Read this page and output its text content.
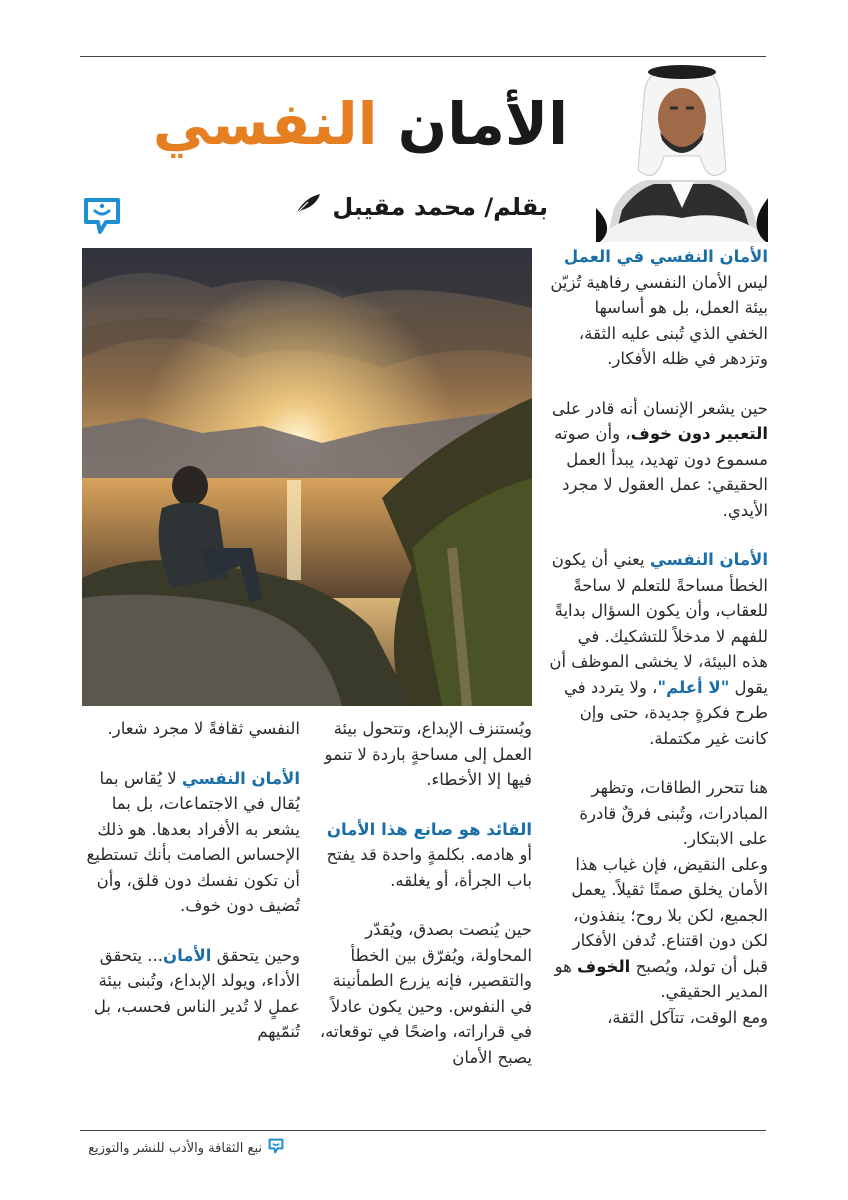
الأمان النفسي
بقلم/ محمد مقيبل

الأمان النفسي في العمل

ليس الأمان النفسي رفاهية تُزيّن بيئة العمل، بل هو أساسها الخفي الذي تُبنى عليه الثقة، وتزدهر في ظله الأفكار.

حين يشعر الإنسان أنه قادر على التعبير دون خوف، وأن صوته مسموع دون تهديد، يبدأ العمل الحقيقي: عمل العقول لا مجرد الأيدي.

الأمان النفسي يعني أن يكون الخطأ مساحةً للتعلم لا ساحةً للعقاب، وأن يكون السؤال بدايةً للفهم لا مدخلاً للتشكيك. في هذه البيئة، لا يخشى الموظف أن يقول "لا أعلم"، ولا يتردد في طرح فكرةٍ جديدة، حتى وإن كانت غير مكتملة.

هنا تتحرر الطاقات، وتظهر المبادرات، وتُبنى فرقٌ قادرة على الابتكار.

وعلى النقيض، فإن غياب هذا الأمان يخلق صمتًا ثقيلاً. يعمل الجميع، لكن بلا روح؛ ينفذون، لكن دون اقتناع. تُدفن الأفكار قبل أن تولد، ويُصبح الخوف هو المدير الحقيقي.

ومع الوقت، تتآكل الثقة،

ويُستنزف الإبداع، وتتحول بيئة العمل إلى مساحةٍ باردة لا تنمو فيها إلا الأخطاء.

القائد هو صانع هذا الأمان

أو هادمه. بكلمةٍ واحدة قد يفتح باب الجرأة، أو يغلقه.

حين يُنصت بصدق، ويُقدّر المحاولة، ويُفرّق بين الخطأ والتقصير، فإنه يزرع الطمأنينة في النفوس. وحين يكون عادلاً في قراراته، واضحًا في توقعاته، يصبح الأمان

النفسي ثقافةً لا مجرد شعار.

الأمان النفسي لا يُقاس بما يُقال في الاجتماعات، بل بما يشعر به الأفراد بعدها. هو ذلك الإحساس الصامت بأنك تستطيع أن تكون نفسك دون قلق، وأن تُضيف دون خوف.

وحين يتحقق الأمان... يتحقق الأداء، ويولد الإبداع، وتُبنى بيئة عملٍ لا تُدير الناس فحسب، بل تُنمّيهم

نبع الثقافة والأدب للنشر والتوزيع
